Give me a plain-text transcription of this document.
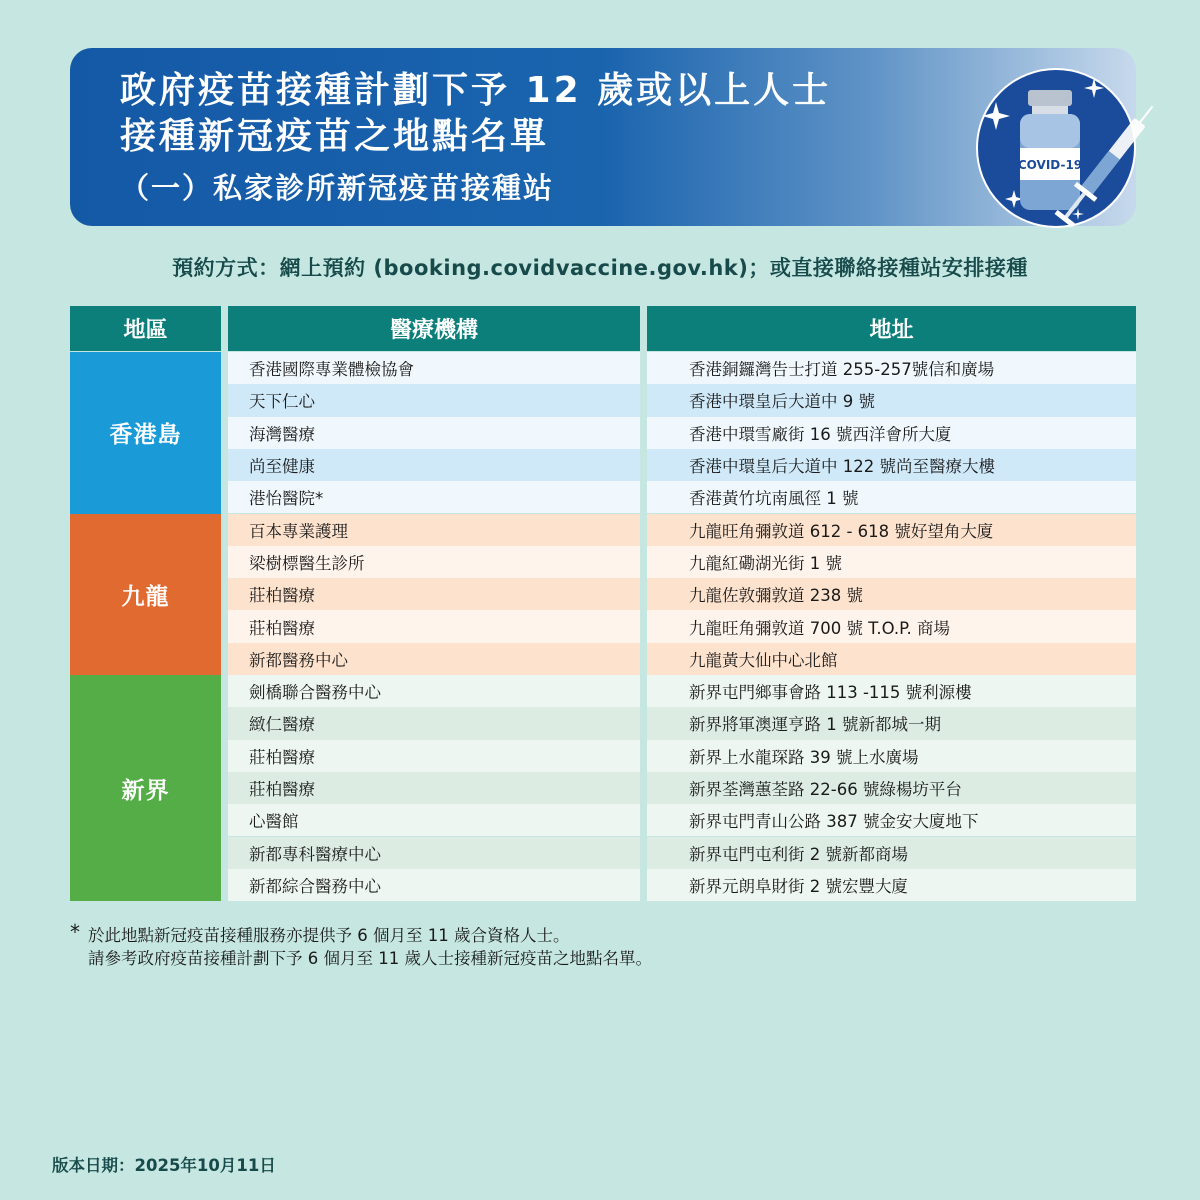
政府疫苗接種計劃下予 12 歲或以上人士
接種新冠疫苗之地點名單
（一）私家診所新冠疫苗接種站
COVID-19
預約方式：網上預約 (booking.covidvaccine.gov.hk)；或直接聯絡接種站安排接種
地區	醫療機構	地址
香港島
香港國際專業體檢協會	香港銅鑼灣告士打道 255-257號信和廣場
天下仁心	香港中環皇后大道中 9 號
海灣醫療	香港中環雪廠街 16 號西洋會所大廈
尚至健康	香港中環皇后大道中 122 號尚至醫療大樓
港怡醫院*	香港黃竹坑南風徑 1 號
九龍
百本專業護理	九龍旺角彌敦道 612 - 618 號好望角大廈
梁樹標醫生診所	九龍紅磡湖光街 1 號
莊柏醫療	九龍佐敦彌敦道 238 號
莊柏醫療	九龍旺角彌敦道 700 號 T.O.P. 商場
新都醫務中心	九龍黃大仙中心北館
新界
劍橋聯合醫務中心	新界屯門鄉事會路 113 -115 號利源樓
緻仁醫療	新界將軍澳運亨路 1 號新都城一期
莊柏醫療	新界上水龍琛路 39 號上水廣場
莊柏醫療	新界荃灣蕙荃路 22-66 號綠楊坊平台
心醫館	新界屯門青山公路 387 號金安大廈地下
新都專科醫療中心	新界屯門屯利街 2 號新都商場
新都綜合醫務中心	新界元朗阜財街 2 號宏豐大廈
* 於此地點新冠疫苗接種服務亦提供予 6 個月至 11 歲合資格人士。
請參考政府疫苗接種計劃下予 6 個月至 11 歲人士接種新冠疫苗之地點名單。
版本日期：2025年10月11日
